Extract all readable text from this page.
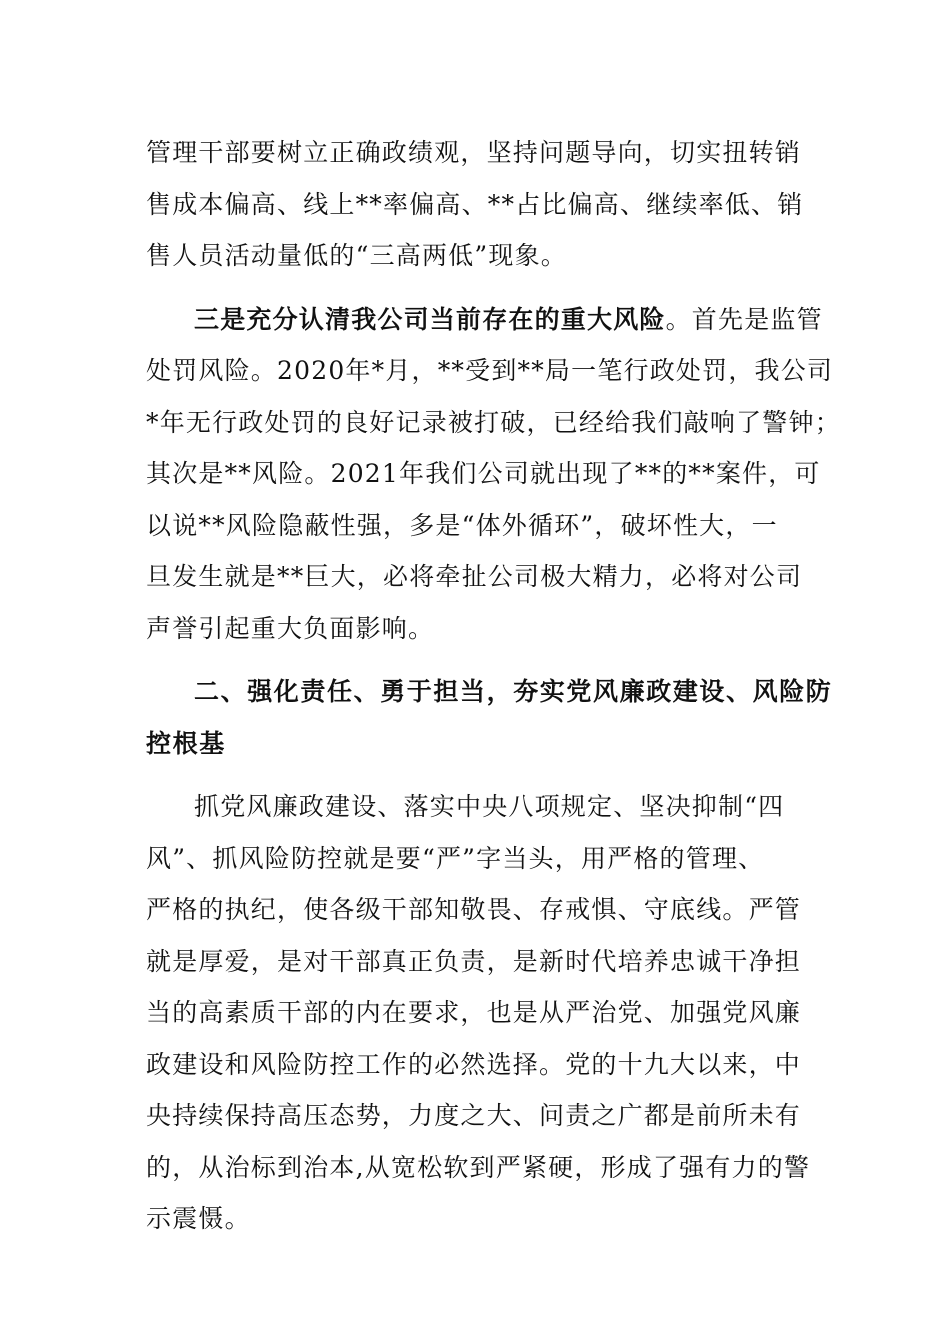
管理干部要树立正确政绩观，坚持问题导向，切实扭转销
售成本偏高、线上**率偏高、**占比偏高、继续率低、销
售人员活动量低的“三高两低”现象。
三是充分认清我公司当前存在的重大风险。首先是监管
处罚风险。2020年*月，**受到**局一笔行政处罚，我公司
*年无行政处罚的良好记录被打破，已经给我们敲响了警钟；
其次是**风险。2021年我们公司就出现了**的**案件，可
以说**风险隐蔽性强，多是“体外循环”，破坏性大，一
旦发生就是**巨大，必将牵扯公司极大精力，必将对公司
声誉引起重大负面影响。
二、强化责任、勇于担当，夯实党风廉政建设、风险防
控根基
抓党风廉政建设、落实中央八项规定、坚决抑制“四
风”、抓风险防控就是要“严”字当头，用严格的管理、
严格的执纪，使各级干部知敬畏、存戒惧、守底线。严管
就是厚爱，是对干部真正负责，是新时代培养忠诚干净担
当的高素质干部的内在要求，也是从严治党、加强党风廉
政建设和风险防控工作的必然选择。党的十九大以来，中
央持续保持高压态势，力度之大、问责之广都是前所未有
的，从治标到治本,从宽松软到严紧硬，形成了强有力的警
示震慑。
